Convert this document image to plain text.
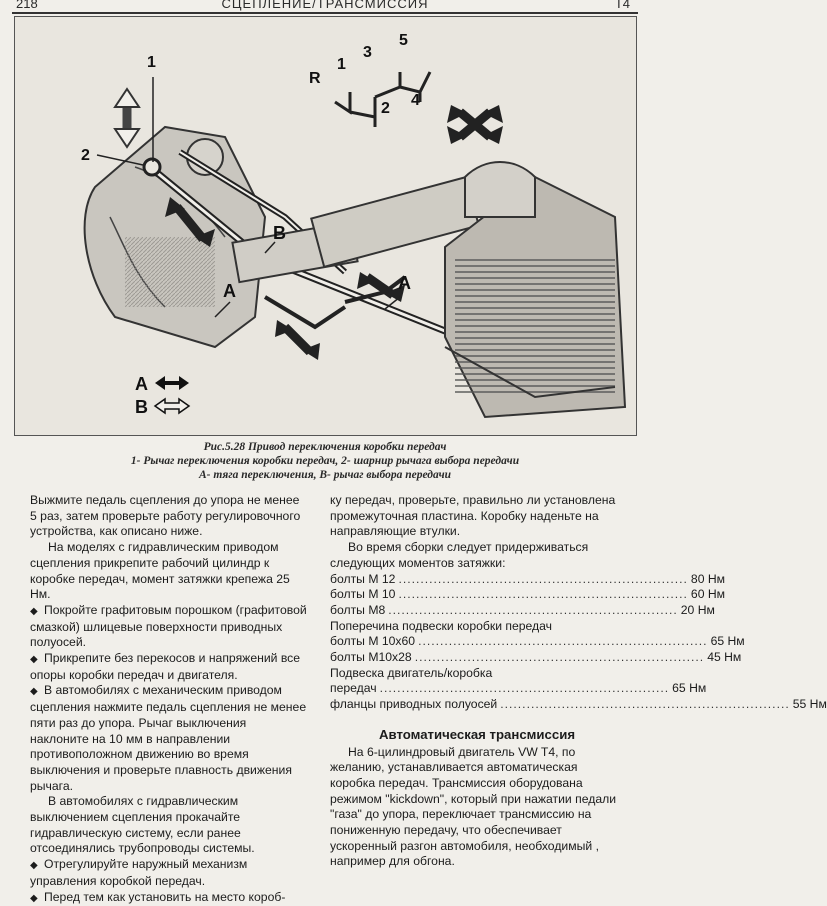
218	СЦЕПЛЕНИЕ/ТРАНСМИССИЯ	T4
1
2
1
2
3
4
5
R
A
B
A
A
B
Рис.5.28 Привод переключения коробки передач
1- Рычаг переключения коробки передач, 2- шарнир рычага выбора передачи
А- тяга переключения, В- рычаг выбора передачи

Выжмите педаль сцепления до упора не менее 5 раз, затем проверьте работу регулировочного устройства, как описано ниже.

На моделях с гидравлическим приводом сцепления прикрепите рабочий цилиндр к коробке передач, момент затяжки крепежа 25 Нм.

◆ Покройте графитовым порошком (графитовой смазкой) шлицевые поверхности приводных полуосей.

◆ Прикрепите без перекосов и напряжений все опоры коробки передач и двигателя.

◆ В автомобилях с механическим приводом сцепления нажмите педаль сцепления не менее пяти раз до упора. Рычаг выключения наклоните на 10 мм в направлении противоположном движению во время выключения и проверьте плавность движения рычага.

В автомобилях с гидравлическим выключением сцепления прокачайте гидравлическую систему, если ранее отсоединялись трубопроводы системы.

◆ Отрегулируйте наружный механизм управления коробкой передач.

◆ Перед тем как установить на место короб-

ку передач, проверьте, правильно ли установлена промежуточная пластина. Коробку наденьте на направляющие втулки.

Во время сборки следует придерживаться следующих моментов затяжки:

болты М 12 .................................................................. 80 Нм
болты М 10 .................................................................. 60 Нм
болты М8 .................................................................. 20 Нм

Поперечина подвески коробки передач

болты М 10х60 .................................................................. 65 Нм
болты М10х28 .................................................................. 45 Нм

Подвеска двигатель/коробка

передач .................................................................. 65 Нм
фланцы приводных полуосей .................................................................. 55 Нм
Автоматическая трансмиссия

На 6-цилиндровый двигатель VW T4, по желанию, устанавливается автоматическая коробка передач. Трансмиссия оборудована режимом "kickdown", который при нажатии педали "газа" до упора, переключает трансмиссию на пониженную передачу, что обеспечивает ускоренный разгон автомобиля, необходимый , например для обгона.
